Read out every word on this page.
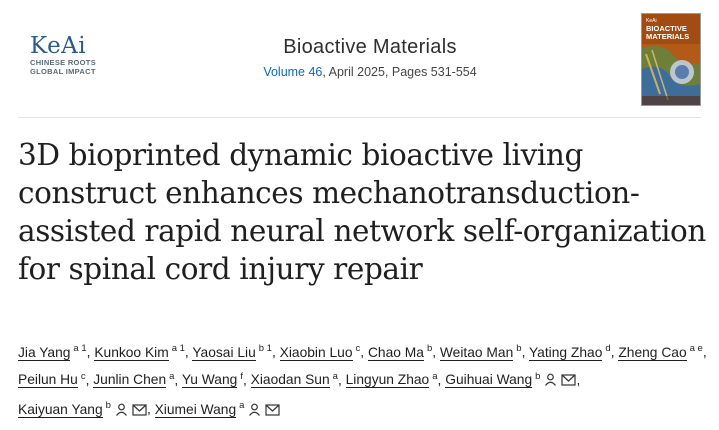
KeAi
CHINESE ROOTS
GLOBAL IMPACT
Bioactive Materials
Volume 46, April 2025, Pages 531-554
KeAi
BIOACTIVE
MATERIALS
3D bioprinted dynamic bioactive living construct enhances mechanotransduction-assisted rapid neural network self-organization for spinal cord injury repair
Jia Yang $^{a 1}$, Kunkoo Kim $^{a 1}$, Yaosai Liu $^{b 1}$, Xiaobin Luo $^c$, Chao Ma $^b$, Weitao Man $^b$, Yating Zhao $^d$, Zheng Cao $^{a e}$, Peilun Hu $^c$, Junlin Chen $^a$, Yu Wang $^f$, Xiaodan Sun $^a$, Lingyun Zhao $^a$, Guihuai Wang $^b$	, Kaiyuan Yang $^b$	, Xiumei Wang $^a$
